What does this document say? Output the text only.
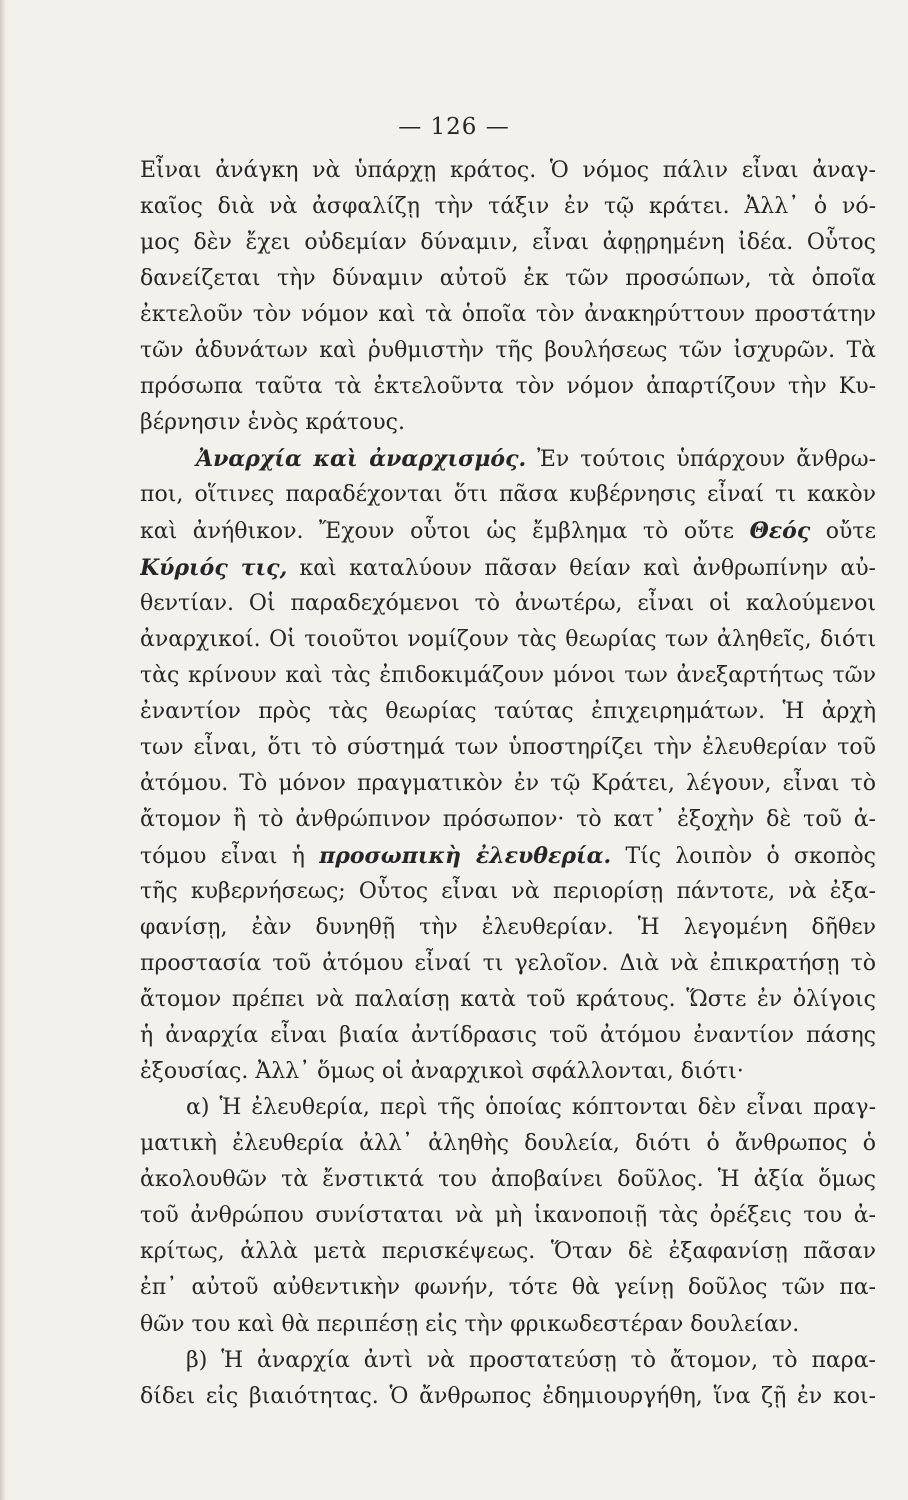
— 126 —
Εἶναι ἀνάγκη νὰ ὑπάρχῃ κράτος. Ὁ νόμος πάλιν εἶναι ἀναγ-
καῖος διὰ νὰ ἀσφαλίζῃ τὴν τάξιν ἐν τῷ κράτει. Ἀλλ᾿ ὁ νό-
μος δὲν ἔχει οὐδεμίαν δύναμιν, εἶναι ἀφῃρημένη ἰδέα. Οὗτος
δανείζεται τὴν δύναμιν αὐτοῦ ἐκ τῶν προσώπων, τὰ ὁποῖα
ἐκτελοῦν τὸν νόμον καὶ τὰ ὁποῖα τὸν ἀνακηρύττουν προστάτην
τῶν ἀδυνάτων καὶ ῥυθμιστὴν τῆς βουλήσεως τῶν ἰσχυρῶν. Τὰ
πρόσωπα ταῦτα τὰ ἐκτελοῦντα τὸν νόμον ἀπαρτίζουν τὴν Κυ-
βέρνησιν ἑνὸς κράτους.
Ἀναρχία καὶ ἀναρχισμός. Ἐν τούτοις ὑπάρχουν ἄνθρω-
ποι, οἵτινες παραδέχονται ὅτι πᾶσα κυβέρνησις εἶναί τι κακὸν
καὶ ἀνήθικον. Ἔχουν οὗτοι ὡς ἔμβλημα τὸ οὔτε Θεός οὔτε
Κύριός τις, καὶ καταλύουν πᾶσαν θείαν καὶ ἀνθρωπίνην αὐ-
θεντίαν. Οἱ παραδεχόμενοι τὸ ἀνωτέρω, εἶναι οἱ καλούμενοι
ἀναρχικοί. Οἱ τοιοῦτοι νομίζουν τὰς θεωρίας των ἀληθεῖς, διότι
τὰς κρίνουν καὶ τὰς ἐπιδοκιμάζουν μόνοι των ἀνεξαρτήτως τῶν
ἐναντίον πρὸς τὰς θεωρίας ταύτας ἐπιχειρημάτων. Ἡ ἀρχὴ
των εἶναι, ὅτι τὸ σύστημά των ὑποστηρίζει τὴν ἐλευθερίαν τοῦ
ἀτόμου. Τὸ μόνον πραγματικὸν ἐν τῷ Κράτει, λέγουν, εἶναι τὸ
ἄτομον ἢ τὸ ἀνθρώπινον πρόσωπον· τὸ κατ᾿ ἐξοχὴν δὲ τοῦ ἀ-
τόμου εἶναι ἡ προσωπικὴ ἐλευθερία. Τίς λοιπὸν ὁ σκοπὸς
τῆς κυβερνήσεως; Οὗτος εἶναι νὰ περιορίσῃ πάντοτε, νὰ ἐξα-
φανίσῃ, ἐὰν δυνηθῇ τὴν ἐλευθερίαν. Ἡ λεγομένη δῆθεν
προστασία τοῦ ἀτόμου εἶναί τι γελοῖον. Διὰ νὰ ἐπικρατήσῃ τὸ
ἄτομον πρέπει νὰ παλαίσῃ κατὰ τοῦ κράτους. Ὥστε ἐν ὀλίγοις
ἡ ἀναρχία εἶναι βιαία ἀντίδρασις τοῦ ἀτόμου ἐναντίον πάσης
ἐξουσίας. Ἀλλ᾿ ὅμως οἱ ἀναρχικοὶ σφάλλονται, διότι·
α) Ἡ ἐλευθερία, περὶ τῆς ὁποίας κόπτονται δὲν εἶναι πραγ-
ματικὴ ἐλευθερία ἀλλ᾿ ἀληθὴς δουλεία, διότι ὁ ἄνθρωπος ὁ
ἀκολουθῶν τὰ ἔνστικτά του ἀποβαίνει δοῦλος. Ἡ ἀξία ὅμως
τοῦ ἀνθρώπου συνίσταται νὰ μὴ ἱκανοποιῇ τὰς ὀρέξεις του ἀ-
κρίτως, ἀλλὰ μετὰ περισκέψεως. Ὅταν δὲ ἐξαφανίσῃ πᾶσαν
ἐπ᾿ αὐτοῦ αὐθεντικὴν φωνήν, τότε θὰ γείνῃ δοῦλος τῶν πα-
θῶν του καὶ θὰ περιπέσῃ εἰς τὴν φρικωδεστέραν δουλείαν.
β) Ἡ ἀναρχία ἀντὶ νὰ προστατεύσῃ τὸ ἄτομον, τὸ παρα-
δίδει εἰς βιαιότητας. Ὁ ἄνθρωπος ἐδημιουργήθη, ἵνα ζῇ ἐν κοι-
